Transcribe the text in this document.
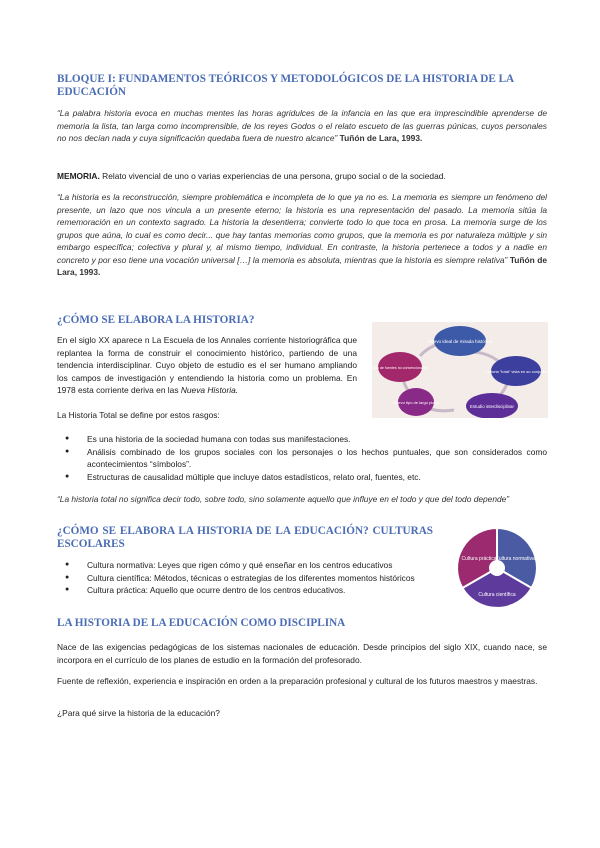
BLOQUE I: FUNDAMENTOS TEÓRICOS Y METODOLÓGICOS DE LA HISTORIA DE LA EDUCACIÓN

“La palabra historia evoca en muchas mentes las horas agridulces de la infancia en las que era imprescindible aprenderse de memoria la lista, tan larga como incomprensible, de los reyes Godos o el relato escueto de las guerras púnicas, cuyos personales no nos decían nada y cuya significación quedaba fuera de nuestro alcance” Tuñón de Lara, 1993.

MEMORIA. Relato vivencial de uno o varias experiencias de una persona, grupo social o de la sociedad.

“La historia es la reconstrucción, siempre problemática e incompleta de lo que ya no es. La memoria es siempre un fenómeno del presente, un lazo que nos vincula a un presente eterno; la historia es una representación del pasado. La memoria sitúa la rememoración en un contexto sagrado. La historia la desentierra; convierte todo lo que toca en prosa. La memoria surge de los grupos que aúna, lo cual es como decir... que hay tantas memorias como grupos, que la memoria es por naturaleza múltiple y sin embargo específica; colectiva y plural y, al mismo tiempo, individual. En contraste, la historia pertenece a todos y a nadie en concreto y por eso tiene una vocación universal […] la memoria es absoluta, mientras que la historia es siempre relativa” Tuñón de Lara, 1993.

¿CÓMO SE ELABORA LA HISTORIA?

En el siglo XX aparece n La Escuela de los Annales corriente historiográfica que replantea la forma de construir el conocimiento histórico, partiendo de una tendencia interdisciplinar. Cuyo objeto de estudio es el ser humano ampliando los campos de investigación y entendiendo la historia como un problema. En 1978 esta corriente deriva en las Nueva Historia.

Nuevo ideal de mirada histórica
Historia "total" vista en su conjunto
Estudio interdisciplinar
Nuevo tipo de largo plazo
Uso de fuentes no convencionales

La Historia Total se define por estos rasgos:

● Es una historia de la sociedad humana con todas sus manifestaciones.
● Análisis combinado de los grupos sociales con los personajes o los hechos puntuales, que son considerados como acontecimientos “símbolos”.
● Estructuras de causalidad múltiple que incluye datos estadísticos, relato oral, fuentes, etc.

“La historia total no significa decir todo, sobre todo, sino solamente aquello que influye en el todo y que del todo depende”

¿CÓMO SE ELABORA LA HISTORIA DE LA EDUCACIÓN? CULTURAS ESCOLARES
● Cultura normativa: Leyes que rigen cómo y qué enseñar en los centros educativos
● Cultura científica: Métodos, técnicas o estrategias de los diferentes momentos históricos
● Cultura práctica: Aquello que ocurre dentro de los centros educativos.
Cultura normativa
Cultura científica
Cultura práctica
LA HISTORIA DE LA EDUCACIÓN COMO DISCIPLINA

Nace de las exigencias pedagógicas de los sistemas nacionales de educación. Desde principios del siglo XIX, cuando nace, se incorpora en el currículo de los planes de estudio en la formación del profesorado.

Fuente de reflexión, experiencia e inspiración en orden a la preparación profesional y cultural de los futuros maestros y maestras.

¿Para qué sirve la historia de la educación?
